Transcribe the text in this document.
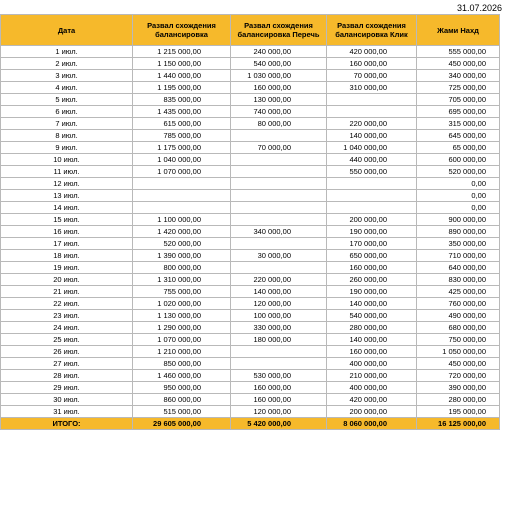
31.07.2026
Дата	Развал схождения балансировка	Развал схождения балансировка Перечь	Развал схождения балансировка Клик	Жами Нахд
1 июл.	1 215 000,00	240 000,00	420 000,00	555 000,00
2 июл.	1 150 000,00	540 000,00	160 000,00	450 000,00
3 июл.	1 440 000,00	1 030 000,00	70 000,00	340 000,00
4 июл.	1 195 000,00	160 000,00	310 000,00	725 000,00
5 июл.	835 000,00	130 000,00		705 000,00
6 июл.	1 435 000,00	740 000,00		695 000,00
7 июл.	615 000,00	80 000,00	220 000,00	315 000,00
8 июл.	785 000,00		140 000,00	645 000,00
9 июл.	1 175 000,00	70 000,00	1 040 000,00	65 000,00
10 июл.	1 040 000,00		440 000,00	600 000,00
11 июл.	1 070 000,00		550 000,00	520 000,00
12 июл.				0,00
13 июл.				0,00
14 июл.				0,00
15 июл.	1 100 000,00		200 000,00	900 000,00
16 июл.	1 420 000,00	340 000,00	190 000,00	890 000,00
17 июл.	520 000,00		170 000,00	350 000,00
18 июл.	1 390 000,00	30 000,00	650 000,00	710 000,00
19 июл.	800 000,00		160 000,00	640 000,00
20 июл.	1 310 000,00	220 000,00	260 000,00	830 000,00
21 июл.	755 000,00	140 000,00	190 000,00	425 000,00
22 июл.	1 020 000,00	120 000,00	140 000,00	760 000,00
23 июл.	1 130 000,00	100 000,00	540 000,00	490 000,00
24 июл.	1 290 000,00	330 000,00	280 000,00	680 000,00
25 июл.	1 070 000,00	180 000,00	140 000,00	750 000,00
26 июл.	1 210 000,00		160 000,00	1 050 000,00
27 июл.	850 000,00		400 000,00	450 000,00
28 июл.	1 460 000,00	530 000,00	210 000,00	720 000,00
29 июл.	950 000,00	160 000,00	400 000,00	390 000,00
30 июл.	860 000,00	160 000,00	420 000,00	280 000,00
31 июл.	515 000,00	120 000,00	200 000,00	195 000,00
ИТОГО:	29 605 000,00	5 420 000,00	8 060 000,00	16 125 000,00
